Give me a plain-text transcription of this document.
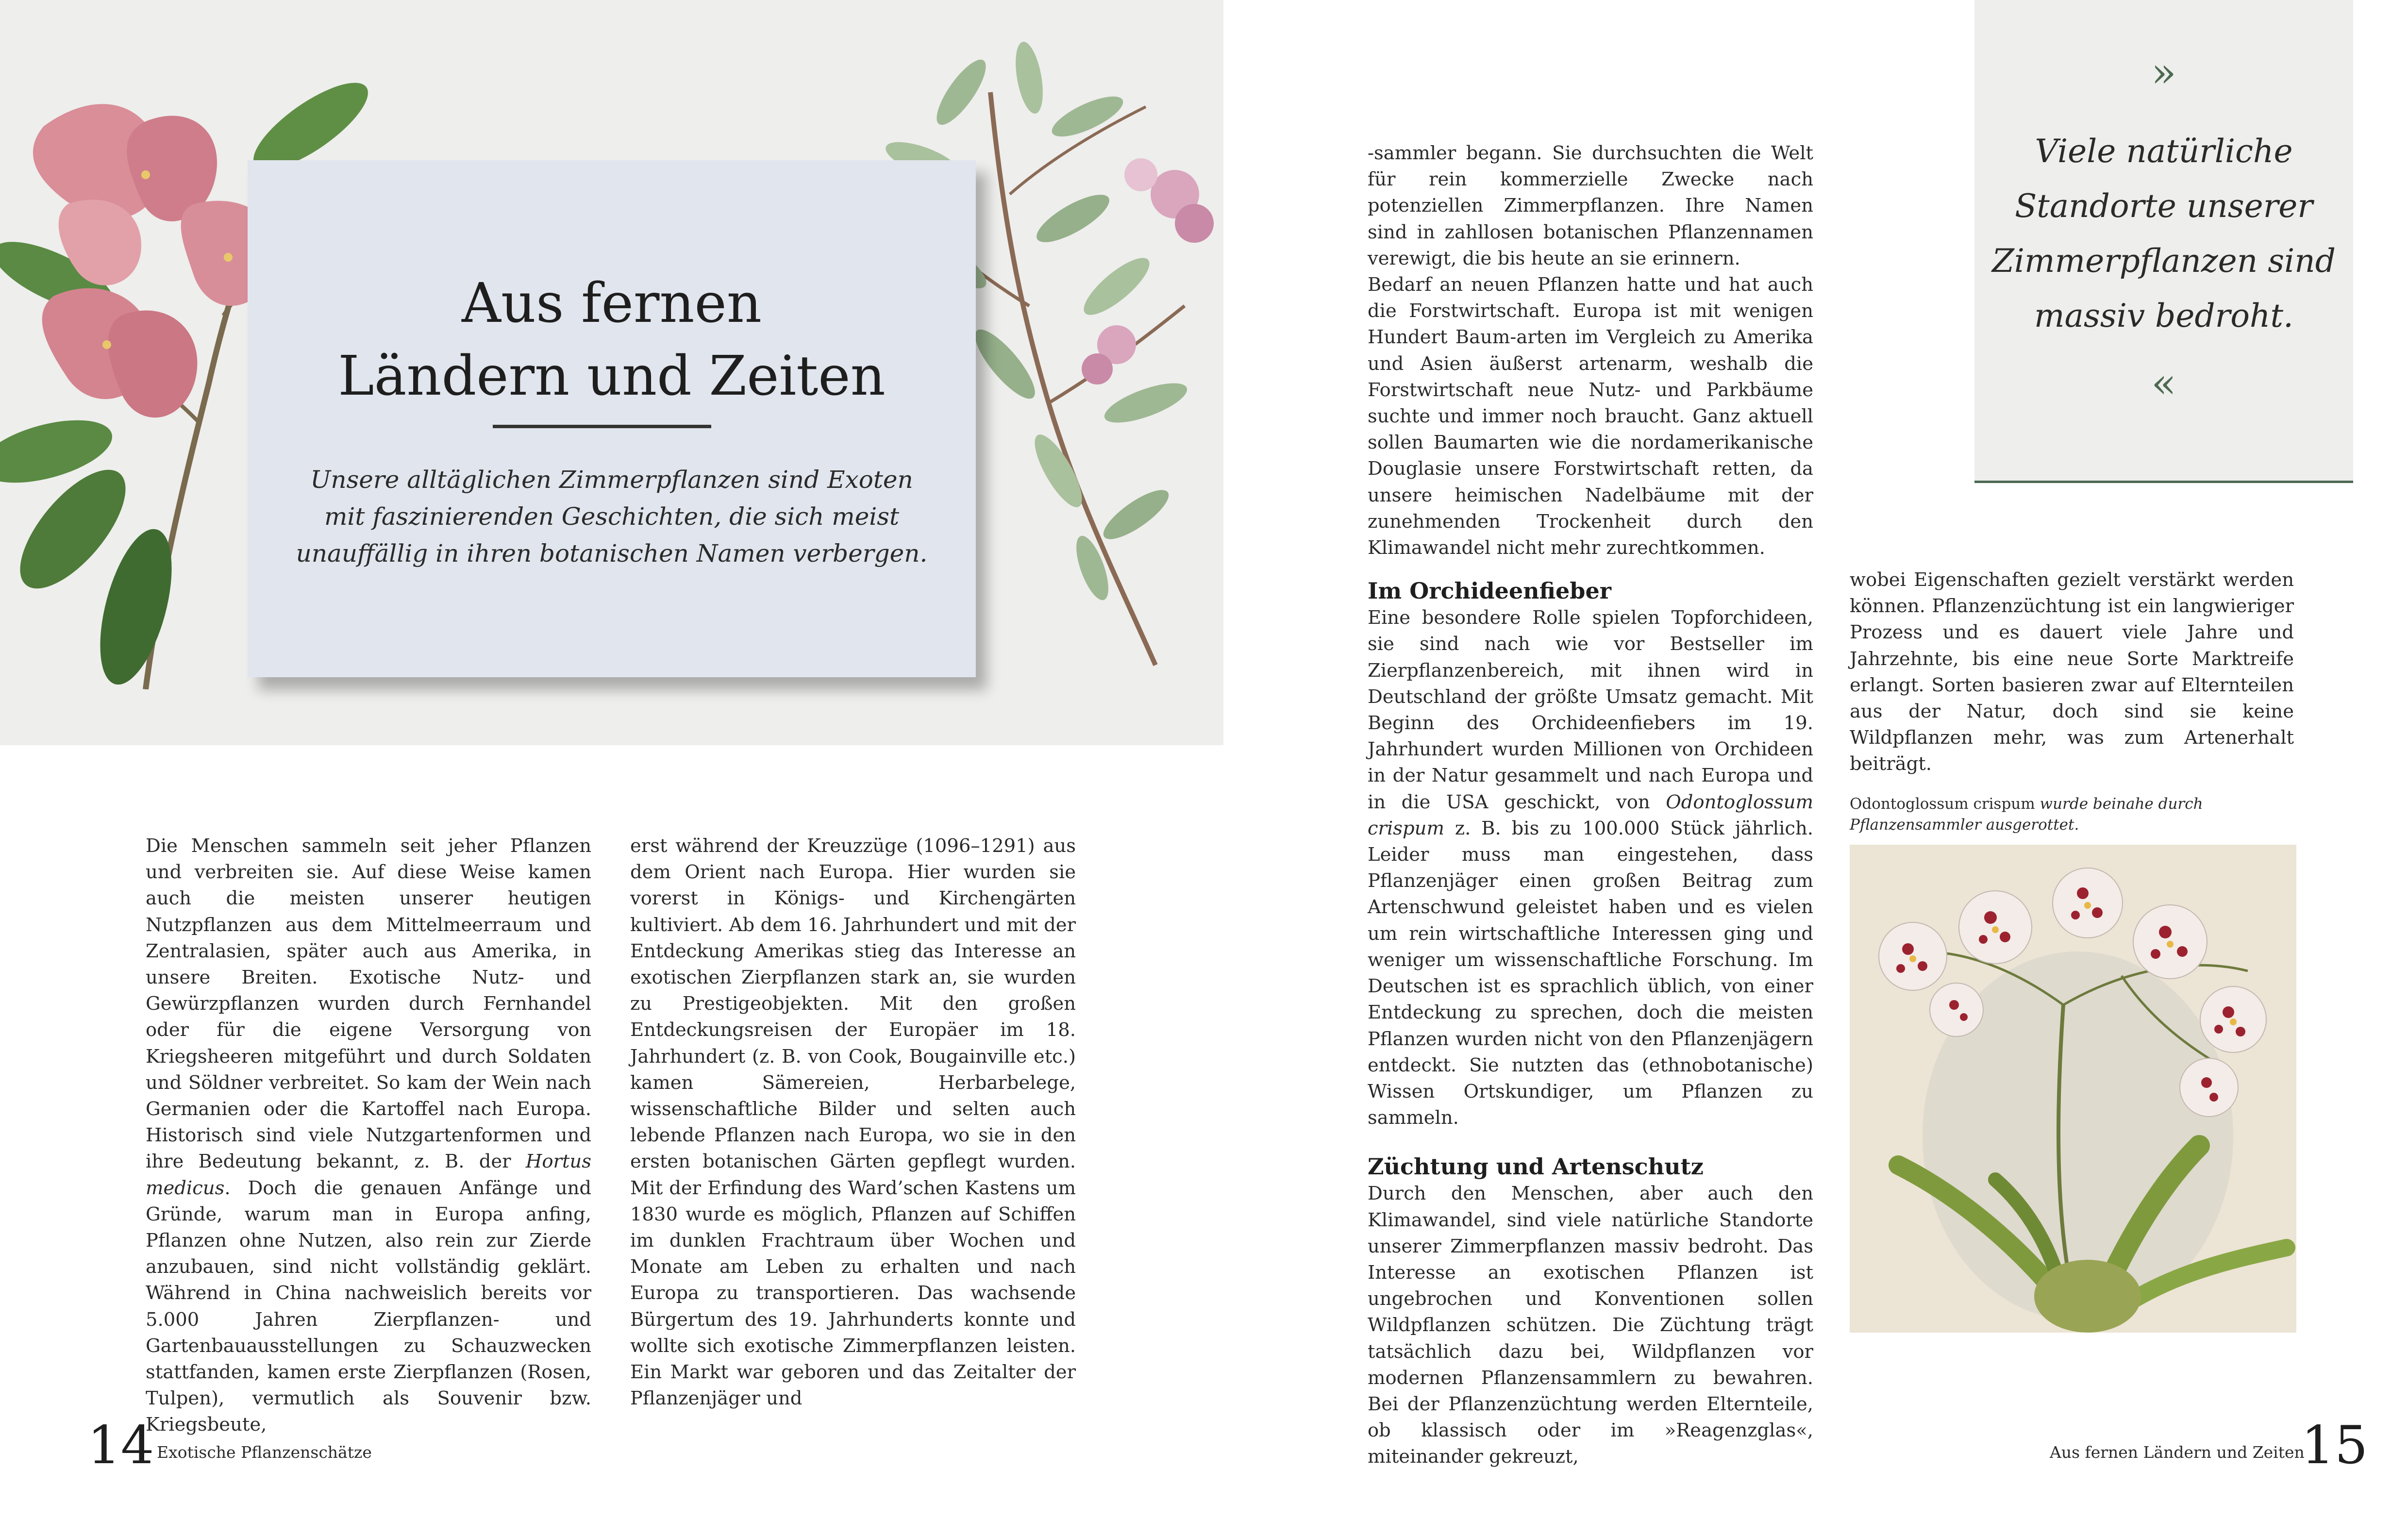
Aus fernen
Ländern und Zeiten
Unsere alltäglichen Zimmerpflanzen sind Exoten mit faszinierenden Geschichten, die sich meist unauffällig in ihren botanischen Namen verbergen.

Die Menschen sammeln seit jeher Pflanzen und verbreiten sie. Auf diese Weise kamen auch die meisten unserer heutigen Nutzpflanzen aus dem Mittelmeerraum und Zentralasien, später auch aus Amerika, in unsere Breiten. Exotische Nutz- und Gewürzpflanzen wurden durch Fernhandel oder für die eigene Versorgung von Kriegsheeren mitgeführt und durch Soldaten und Söldner verbreitet. So kam der Wein nach Germanien oder die Kartoffel nach Europa. Historisch sind viele Nutzgartenformen und ihre Bedeutung bekannt, z. B. der Hortus medicus. Doch die genauen Anfänge und Gründe, warum man in Europa anfing, Pflanzen ohne Nutzen, also rein zur Zierde anzubauen, sind nicht vollständig geklärt. Während in China nachweislich bereits vor 5.000 Jahren Zierpflanzen- und Gartenbauausstellungen zu Schauzwecken stattfanden, kamen erste Zierpflanzen (Rosen, Tulpen), vermutlich als Souvenir bzw. Kriegsbeute,

erst während der Kreuzzüge (1096–1291) aus dem Orient nach Europa. Hier wurden sie vorerst in Königs- und Kirchengärten kultiviert. Ab dem 16. Jahrhundert und mit der Entdeckung Amerikas stieg das Interesse an exotischen Zierpflanzen stark an, sie wurden zu Prestigeobjekten. Mit den großen Entdeckungsreisen der Europäer im 18. Jahrhundert (z. B. von Cook, Bougainville etc.) kamen Sämereien, Herbarbelege, wissenschaftliche Bilder und selten auch lebende Pflanzen nach Europa, wo sie in den ersten botanischen Gärten gepflegt wurden. Mit der Erfindung des Ward’schen Kastens um 1830 wurde es möglich, Pflanzen auf Schiffen im dunklen Frachtraum über Wochen und Monate am Leben zu erhalten und nach Europa zu transportieren. Das wachsende Bürgertum des 19. Jahrhunderts konnte und wollte sich exotische Zimmerpflanzen leisten. Ein Markt war geboren und das Zeitalter der Pflanzenjäger und

14 Exotische Pflanzenschätze

-sammler begann. Sie durchsuchten die Welt für rein kommerzielle Zwecke nach potenziellen Zimmerpflanzen. Ihre Namen sind in zahllosen botanischen Pflanzennamen verewigt, die bis heute an sie erinnern.

Bedarf an neuen Pflanzen hatte und hat auch die Forstwirtschaft. Europa ist mit wenigen Hundert Baum-arten im Vergleich zu Amerika und Asien äußerst artenarm, weshalb die Forstwirtschaft neue Nutz- und Parkbäume suchte und immer noch braucht. Ganz aktuell sollen Baumarten wie die nordamerikanische Douglasie unsere Forstwirtschaft retten, da unsere heimischen Nadelbäume mit der zunehmenden Trockenheit durch den Klimawandel nicht mehr zurechtkommen.

Im Orchideenfieber

Eine besondere Rolle spielen Topforchideen, sie sind nach wie vor Bestseller im Zierpflanzenbereich, mit ihnen wird in Deutschland der größte Umsatz gemacht. Mit Beginn des Orchideenfiebers im 19. Jahrhundert wurden Millionen von Orchideen in der Natur gesammelt und nach Europa und in die USA geschickt, von Odontoglossum crispum z. B. bis zu 100.000 Stück jährlich. Leider muss man eingestehen, dass Pflanzenjäger einen großen Beitrag zum Artenschwund geleistet haben und es vielen um rein wirtschaftliche Interessen ging und weniger um wissenschaftliche Forschung. Im Deutschen ist es sprachlich üblich, von einer Entdeckung zu sprechen, doch die meisten Pflanzen wurden nicht von den Pflanzenjägern entdeckt. Sie nutzten das (ethnobotanische) Wissen Ortskundiger, um Pflanzen zu sammeln.

Züchtung und Artenschutz

Durch den Menschen, aber auch den Klimawandel, sind viele natürliche Standorte unserer Zimmerpflanzen massiv bedroht. Das Interesse an exotischen Pflanzen ist ungebrochen und Konventionen sollen Wildpflanzen schützen. Die Züchtung trägt tatsächlich dazu bei, Wildpflanzen vor modernen Pflanzensammlern zu bewahren. Bei der Pflanzenzüchtung werden Elternteile, ob klassisch oder im »Reagenzglas«, miteinander gekreuzt,

wobei Eigenschaften gezielt verstärkt werden können. Pflanzenzüchtung ist ein langwieriger Prozess und es dauert viele Jahre und Jahrzehnte, bis eine neue Sorte Marktreife erlangt. Sorten basieren zwar auf Elternteilen aus der Natur, doch sind sie keine Wildpflanzen mehr, was zum Artenerhalt beiträgt.

»
Viele natürliche Standorte unserer Zimmerpflanzen sind massiv bedroht.
«
Odontoglossum crispum wurde beinahe durch Pflanzensammler ausgerottet.
Aus fernen Ländern und Zeiten
15
